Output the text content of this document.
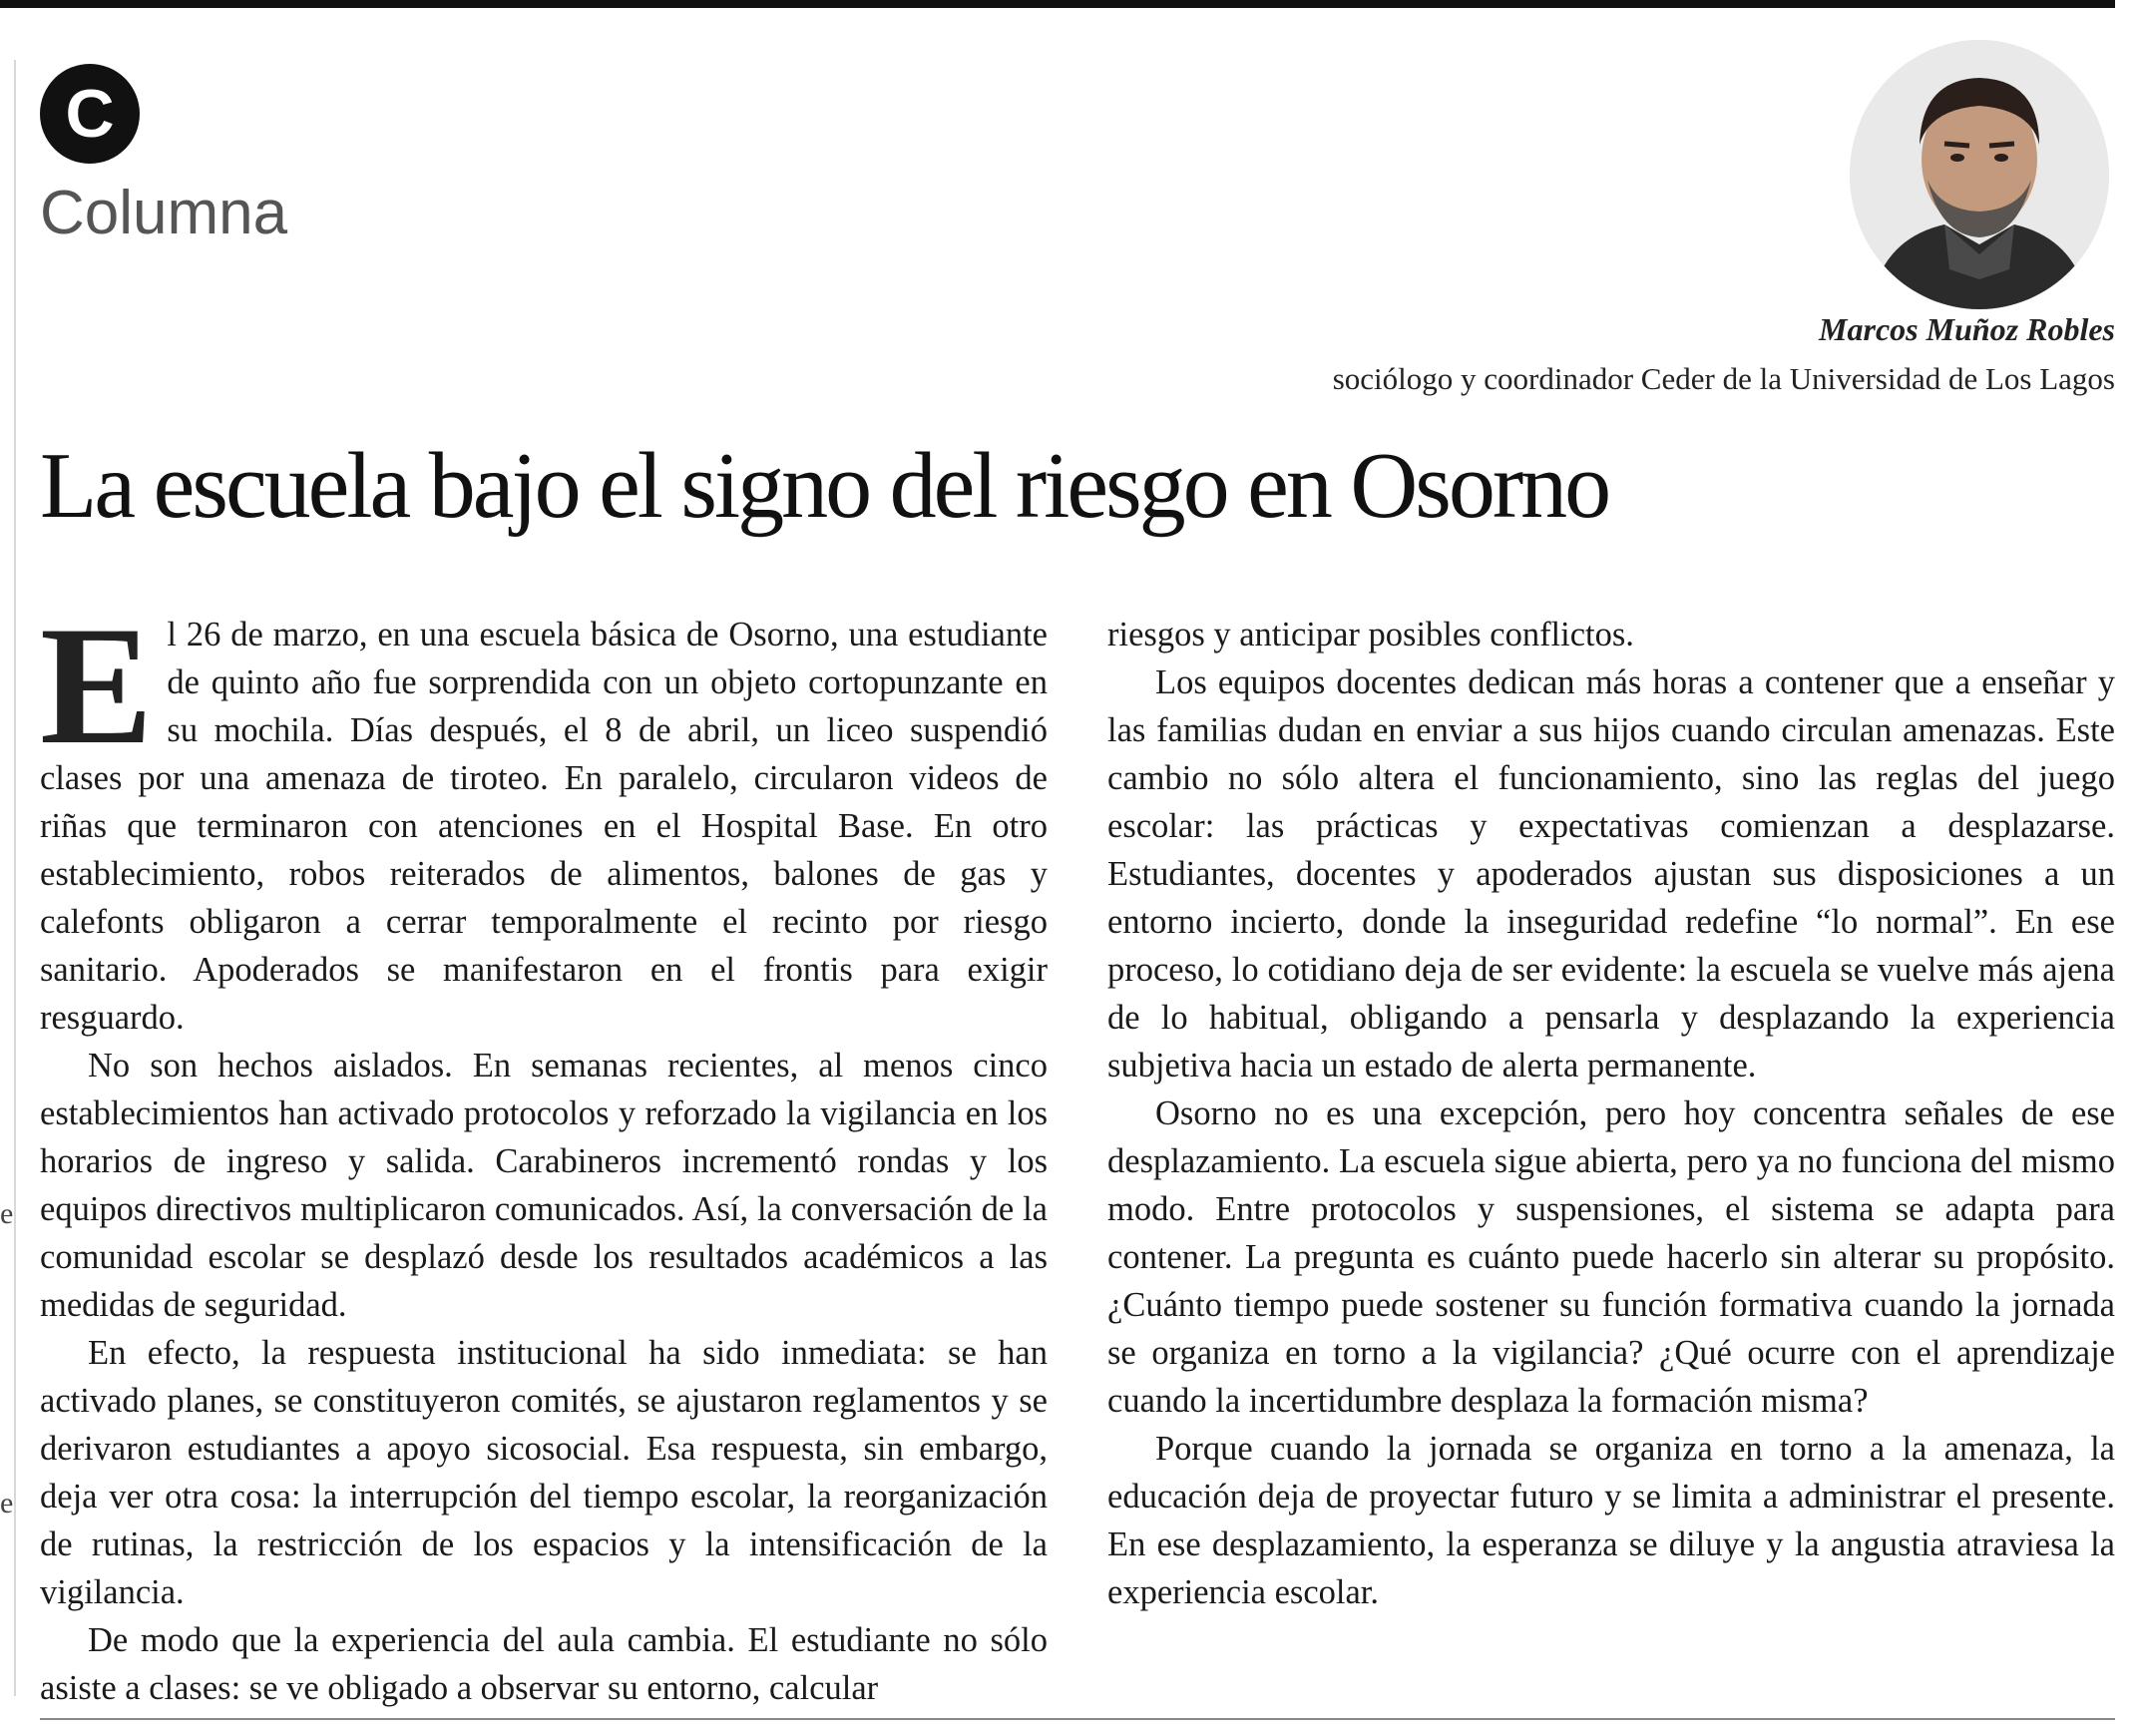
e
e
C
Columna
Marcos Muñoz Robles
sociólogo y coordinador Ceder de la Universidad de Los Lagos
La escuela bajo el signo del riesgo en Osorno

El 26 de marzo, en una escuela básica de Osorno, una estudiante de quinto año fue sorprendida con un objeto cortopunzante en su mochila. Días después, el 8 de abril, un liceo suspendió clases por una amenaza de tiroteo. En paralelo, circularon videos de riñas que terminaron con atenciones en el Hospital Base. En otro establecimiento, robos reiterados de alimentos, balones de gas y calefonts obligaron a cerrar temporalmente el recinto por riesgo sanitario. Apoderados se manifestaron en el frontis para exigir resguardo.

No son hechos aislados. En semanas recientes, al menos cinco establecimientos han activado protocolos y reforzado la vigilancia en los horarios de ingreso y salida. Carabineros incrementó rondas y los equipos directivos multiplicaron comunicados. Así, la conversación de la comunidad escolar se desplazó desde los resultados académicos a las medidas de seguridad.

En efecto, la respuesta institucional ha sido inmediata: se han activado planes, se constituyeron comités, se ajustaron reglamentos y se derivaron estudiantes a apoyo sicosocial. Esa respuesta, sin embargo, deja ver otra cosa: la interrupción del tiempo escolar, la reorganización de rutinas, la restricción de los espacios y la intensificación de la vigilancia.

De modo que la experiencia del aula cambia. El estudiante no sólo asiste a clases: se ve obligado a observar su entorno, calcular

riesgos y anticipar posibles conflictos.

Los equipos docentes dedican más horas a contener que a enseñar y las familias dudan en enviar a sus hijos cuando circulan amenazas. Este cambio no sólo altera el funcionamiento, sino las reglas del juego escolar: las prácticas y expectativas comienzan a desplazarse. Estudiantes, docentes y apoderados ajustan sus disposiciones a un entorno incierto, donde la inseguridad redefine “lo normal”. En ese proceso, lo cotidiano deja de ser evidente: la escuela se vuelve más ajena de lo habitual, obligando a pensarla y desplazando la experiencia subjetiva hacia un estado de alerta permanente.

Osorno no es una excepción, pero hoy concentra señales de ese desplazamiento. La escuela sigue abierta, pero ya no funciona del mismo modo. Entre protocolos y suspensiones, el sistema se adapta para contener. La pregunta es cuánto puede hacerlo sin alterar su propósito. ¿Cuánto tiempo puede sostener su función formativa cuando la jornada se organiza en torno a la vigilancia? ¿Qué ocurre con el aprendizaje cuando la incertidumbre desplaza la formación misma?

Porque cuando la jornada se organiza en torno a la amenaza, la educación deja de proyectar futuro y se limita a administrar el presente. En ese desplazamiento, la esperanza se diluye y la angustia atraviesa la experiencia escolar.
